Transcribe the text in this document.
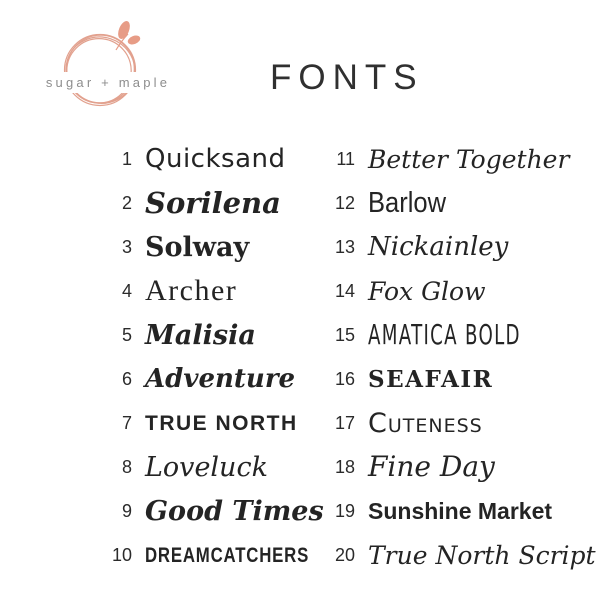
sugar + maple	FONTS
1 Quicksand
2 Sorilena
3 Solway
4 Archer
5 Malisia
6 Adventure
7 TRUE NORTH
8 Loveluck
9 Good Times
10 DREAMCATCHERS
11 Better Together
12 Barlow
13 Nickainley
14 Fox Glow
15 AMATICA BOLD
16 SEAFAIR
17 Cuteness
18 Fine Day
19 Sunshine Market
20 True North Script
